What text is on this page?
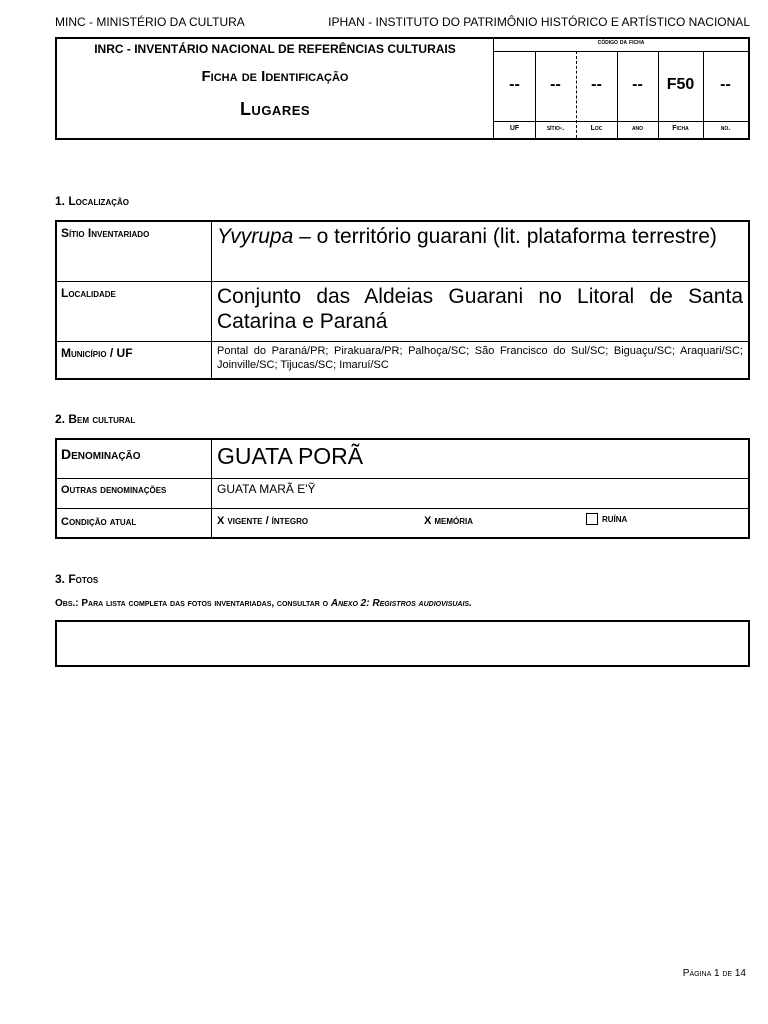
MINC - MINISTÉRIO DA CULTURA	IPHAN - INSTITUTO DO PATRIMÔNIO HISTÓRICO E ARTÍSTICO NACIONAL
INRC - INVENTÁRIO NACIONAL DE REFERÊNCIAS CULTURAIS
Ficha de Identificação
Lugares
código da ficha
--	--	--	--	F50	--
UF	sítio-.	Loc	ano	Ficha	no.
1. Localização
Sítio Inventariado	Yvyrupa – o território guarani (lit. plataforma terrestre)
Localidade	Conjunto das Aldeias Guarani no Litoral de Santa Catarina e Paraná
Município / UF	Pontal do Paraná/PR; Pirakuara/PR; Palhoça/SC; São Francisco do Sul/SC; Biguaçu/SC; Araquari/SC; Joinville/SC; Tijucas/SC; Imaruí/SC
2. Bem cultural
Denominação	GUATA PORÃ
Outras denominações	GUATA MARÃ E'Ỹ
Condição atual	X vigente / íntegro X memória ruína
3. Fotos
Obs.: Para lista completa das fotos inventariadas, consultar o Anexo 2: Registros audiovisuais.
Página 1 de 14
